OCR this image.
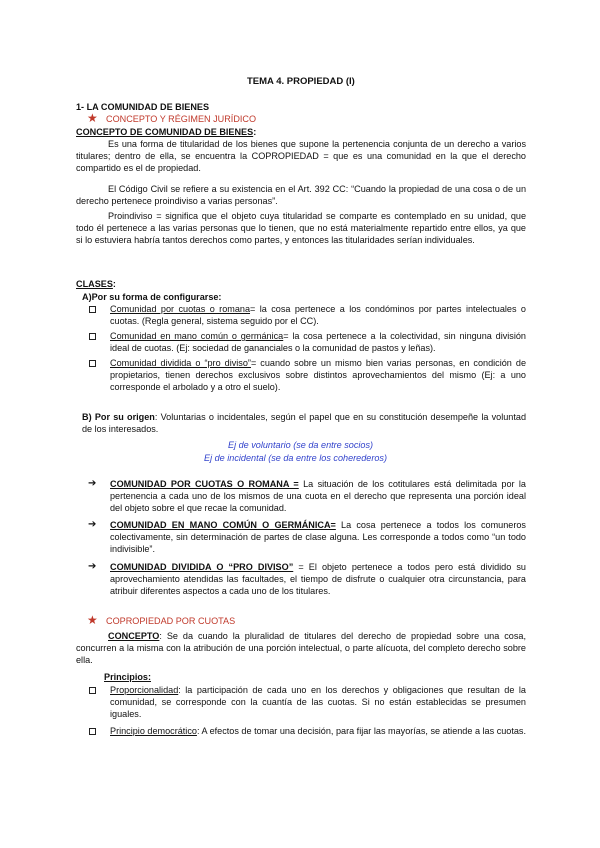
TEMA 4. PROPIEDAD (I)
1- LA COMUNIDAD DE BIENES
★ CONCEPTO Y RÉGIMEN JURÍDICO
CONCEPTO DE COMUNIDAD DE BIENES:

Es una forma de titularidad de los bienes que supone la pertenencia conjunta de un derecho a varios titulares; dentro de ella, se encuentra la COPROPIEDAD = que es una comunidad en la que el derecho compartido es el de propiedad.

El Código Civil se refiere a su existencia en el Art. 392 CC: “Cuando la propiedad de una cosa o de un derecho pertenece proindiviso a varias personas”.

Proindiviso = significa que el objeto cuya titularidad se comparte es contemplado en su unidad, que todo él pertenece a las varias personas que lo tienen, que no está materialmente repartido entre ellos, ya que si lo estuviera habría tantos derechos como partes, y entonces las titularidades serían individuales.

CLASES:
A)Por su forma de configurarse:

Comunidad por cuotas o romana= la cosa pertenece a los condóminos por partes intelectuales o cuotas. (Regla general, sistema seguido por el CC).

Comunidad en mano común o germánica= la cosa pertenece a la colectividad, sin ninguna división ideal de cuotas. (Ej: sociedad de gananciales o la comunidad de pastos y leñas).

Comunidad dividida o “pro diviso”= cuando sobre un mismo bien varias personas, en condición de propietarios, tienen derechos exclusivos sobre distintos aprovechamientos del mismo (Ej: a uno corresponde el arbolado y a otro el suelo).

B) Por su origen: Voluntarias o incidentales, según el papel que en su constitución desempeñe la voluntad de los interesados.

Ej de voluntario (se da entre socios)
Ej de incidental (se da entre los coherederos)
➔ COMUNIDAD POR CUOTAS O ROMANA = La situación de los cotitulares está delimitada por la pertenencia a cada uno de los mismos de una cuota en el derecho que representa una porción ideal del objeto sobre el que recae la comunidad.

➔ COMUNIDAD EN MANO COMÚN O GERMÁNICA= La cosa pertenece a todos los comuneros colectivamente, sin determinación de partes de clase alguna. Les corresponde a todos como “un todo indivisible”.

➔ COMUNIDAD DIVIDIDA O “PRO DIVISO” = El objeto pertenece a todos pero está dividido su aprovechamiento atendidas las facultades, el tiempo de disfrute o cualquier otra circunstancia, para atribuir diferentes aspectos a cada uno de los titulares.

★ COPROPIEDAD POR CUOTAS

CONCEPTO: Se da cuando la pluralidad de titulares del derecho de propiedad sobre una cosa, concurren a la misma con la atribución de una porción intelectual, o parte alícuota, del completo derecho sobre ella.

Principios:

Proporcionalidad: la participación de cada uno en los derechos y obligaciones que resultan de la comunidad, se corresponde con la cuantía de las cuotas. Si no están establecidas se presumen iguales.

Principio democrático: A efectos de tomar una decisión, para fijar las mayorías, se atiende a las cuotas.
